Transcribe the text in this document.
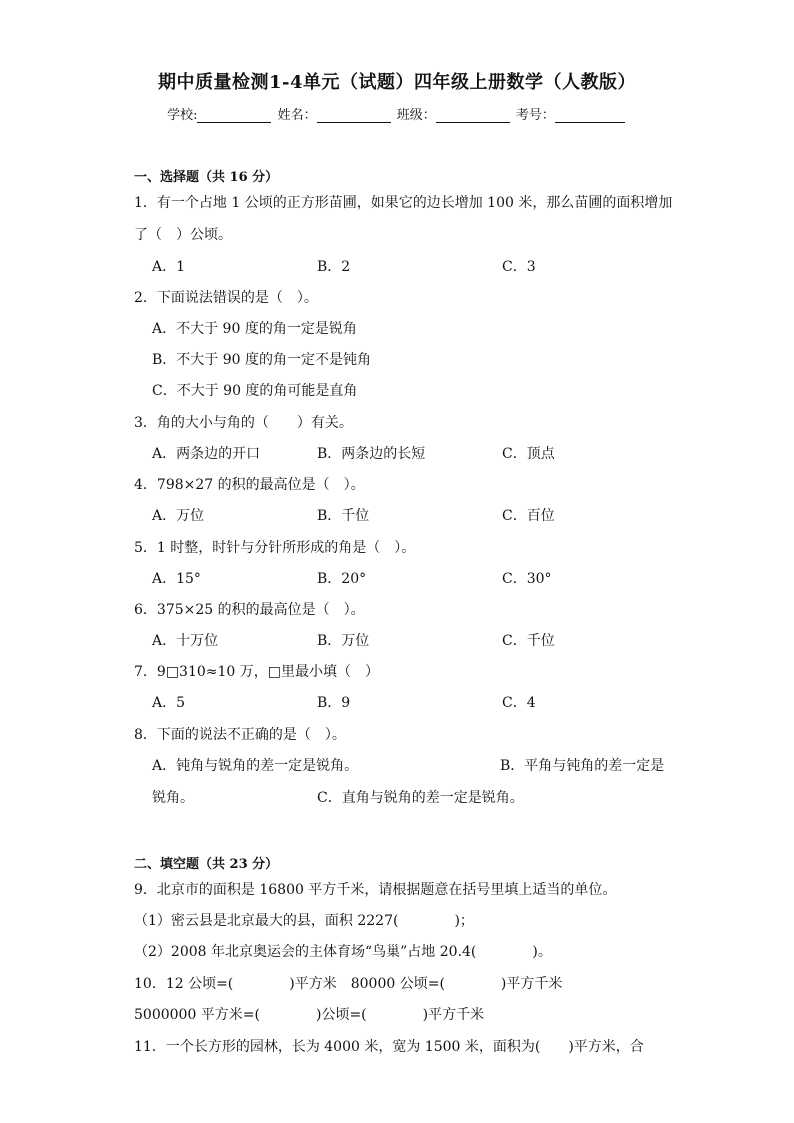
期中质量检测1-4单元（试题）四年级上册数学（人教版）
学校:	姓名：	班级：	考号：
一、选择题（共 16 分）
1．有一个占地 1 公顷的正方形苗圃，如果它的边长增加 100 米，那么苗圃的面积增加
了（　）公顷。
A．1	B．2	C．3
2．下面说法错误的是（　）。
A．不大于 90 度的角一定是锐角
B．不大于 90 度的角一定不是钝角
C．不大于 90 度的角可能是直角
3．角的大小与角的（　　）有关。
A．两条边的开口	B．两条边的长短	C．顶点
4．798×27 的积的最高位是（　）。
A．万位	B．千位	C．百位
5．1 时整，时针与分针所形成的角是（　）。
A．15°	B．20°	C．30°
6．375×25 的积的最高位是（　）。
A．十万位	B．万位	C．千位
7．9□310≈10 万，□里最小填（　）
A．5	B．9	C．4
8．下面的说法不正确的是（　）。
A．钝角与锐角的差一定是锐角。	B．平角与钝角的差一定是
锐角。	C．直角与锐角的差一定是锐角。
二、填空题（共 23 分）
9．北京市的面积是 16800 平方千米，请根据题意在括号里填上适当的单位。
（1）密云县是北京最大的县，面积 2227(　　　　)；
（2）2008 年北京奥运会的主体育场“鸟巢”占地 20.4(　　　　)。
10．12 公顷=(　　　　)平方米　80000 公顷=(　　　　)平方千米
5000000 平方米=(　　　　)公顷=(　　　　)平方千米
11．一个长方形的园林，长为 4000 米，宽为 1500 米，面积为(　　)平方米，合
